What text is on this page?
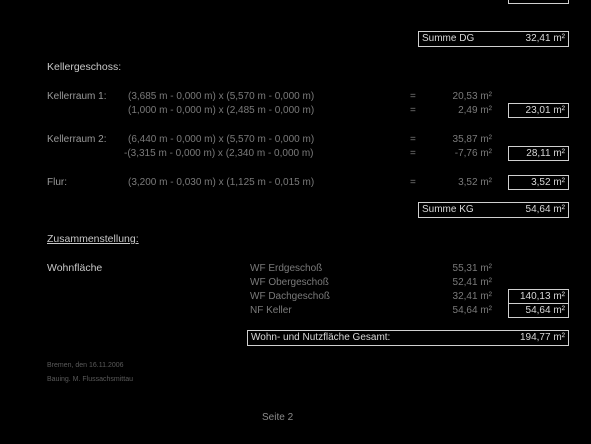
Summe DG	32,41 m²
Kellergeschoss:
Kellerraum 1: (3,685 m - 0,000 m) x (5,570 m - 0,000 m)	=	20,53 m²
(1,000 m - 0,000 m) x (2,485 m - 0,000 m)	=	2,49 m²	23,01 m²
Kellerraum 2: (6,440 m - 0,000 m) x (5,570 m - 0,000 m)	=	35,87 m²
-(3,315 m - 0,000 m) x (2,340 m - 0,000 m)	=	-7,76 m²	28,11 m²
Flur:	(3,200 m - 0,030 m) x (1,125 m - 0,015 m)	=	3,52 m²	3,52 m²
Summe KG	54,64 m²
Zusammenstellung:
Wohnfläche	WF Erdgeschoß	55,31 m²
WF Obergeschoß	52,41 m²
WF Dachgeschoß	32,41 m²	140,13 m²
NF Keller	54,64 m²	54,64 m²
Wohn- und Nutzfläche Gesamt:	194,77 m²
Bremen, den 16.11.2006
Bauing. M. Flussachsmittau
Seite 2
